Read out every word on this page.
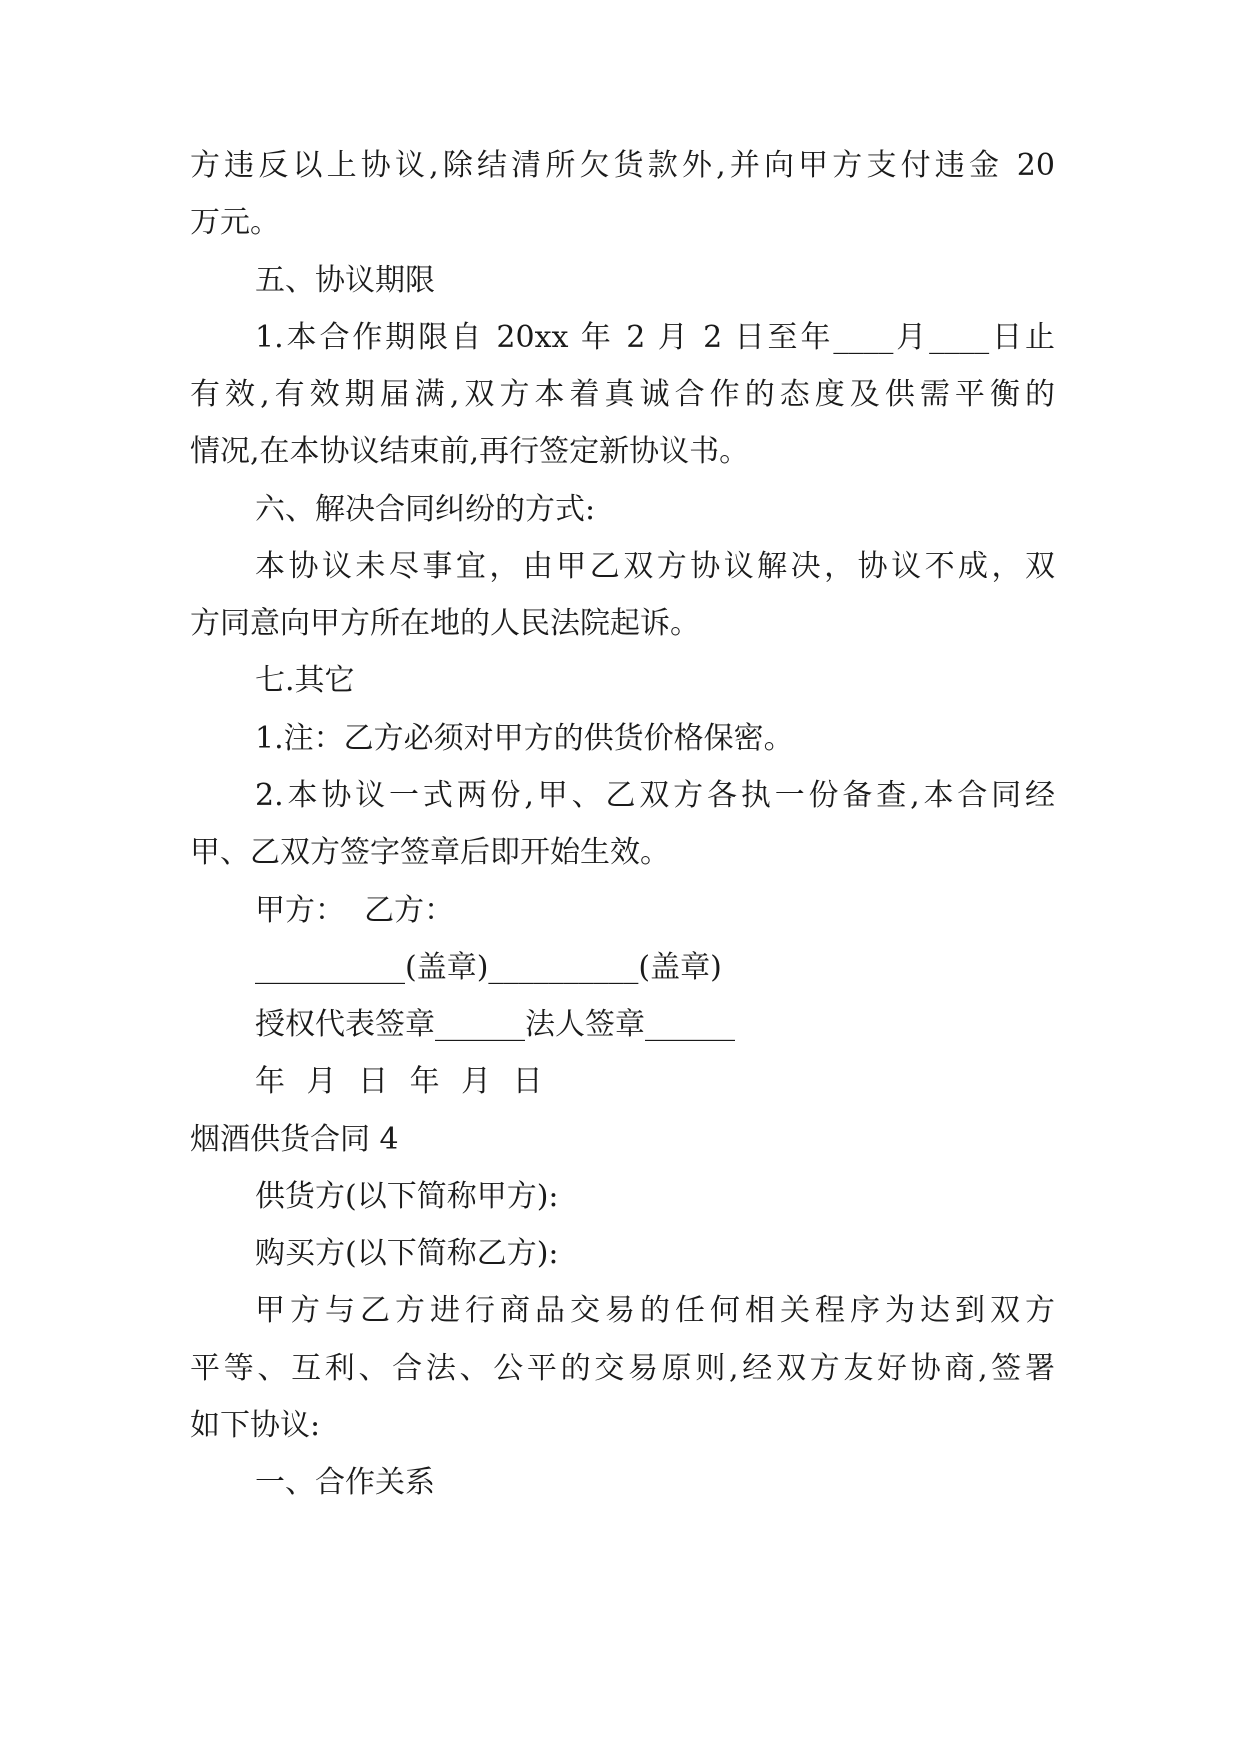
方违反以上协议,除结清所欠货款外,并向甲方支付违金 20
万元。
五、协议期限
1.本合作期限自 20xx 年 2 月 2 日至年____月____日止
有效,有效期届满,双方本着真诚合作的态度及供需平衡的
情况,在本协议结束前,再行签定新协议书。
六、解决合同纠纷的方式:
本协议未尽事宜，由甲乙双方协议解决，协议不成，双
方同意向甲方所在地的人民法院起诉。
七.其它
1.注：乙方必须对甲方的供货价格保密。
2.本协议一式两份,甲、乙双方各执一份备查,本合同经
甲、乙双方签字签章后即开始生效。
甲方：  乙方：
__________(盖章)__________(盖章)
授权代表签章______法人签章______
年 月 日 年 月 日
烟酒供货合同 4
供货方(以下简称甲方):
购买方(以下简称乙方):
甲方与乙方进行商品交易的任何相关程序为达到双方
平等、互利、合法、公平的交易原则,经双方友好协商,签署
如下协议:
一、合作关系
